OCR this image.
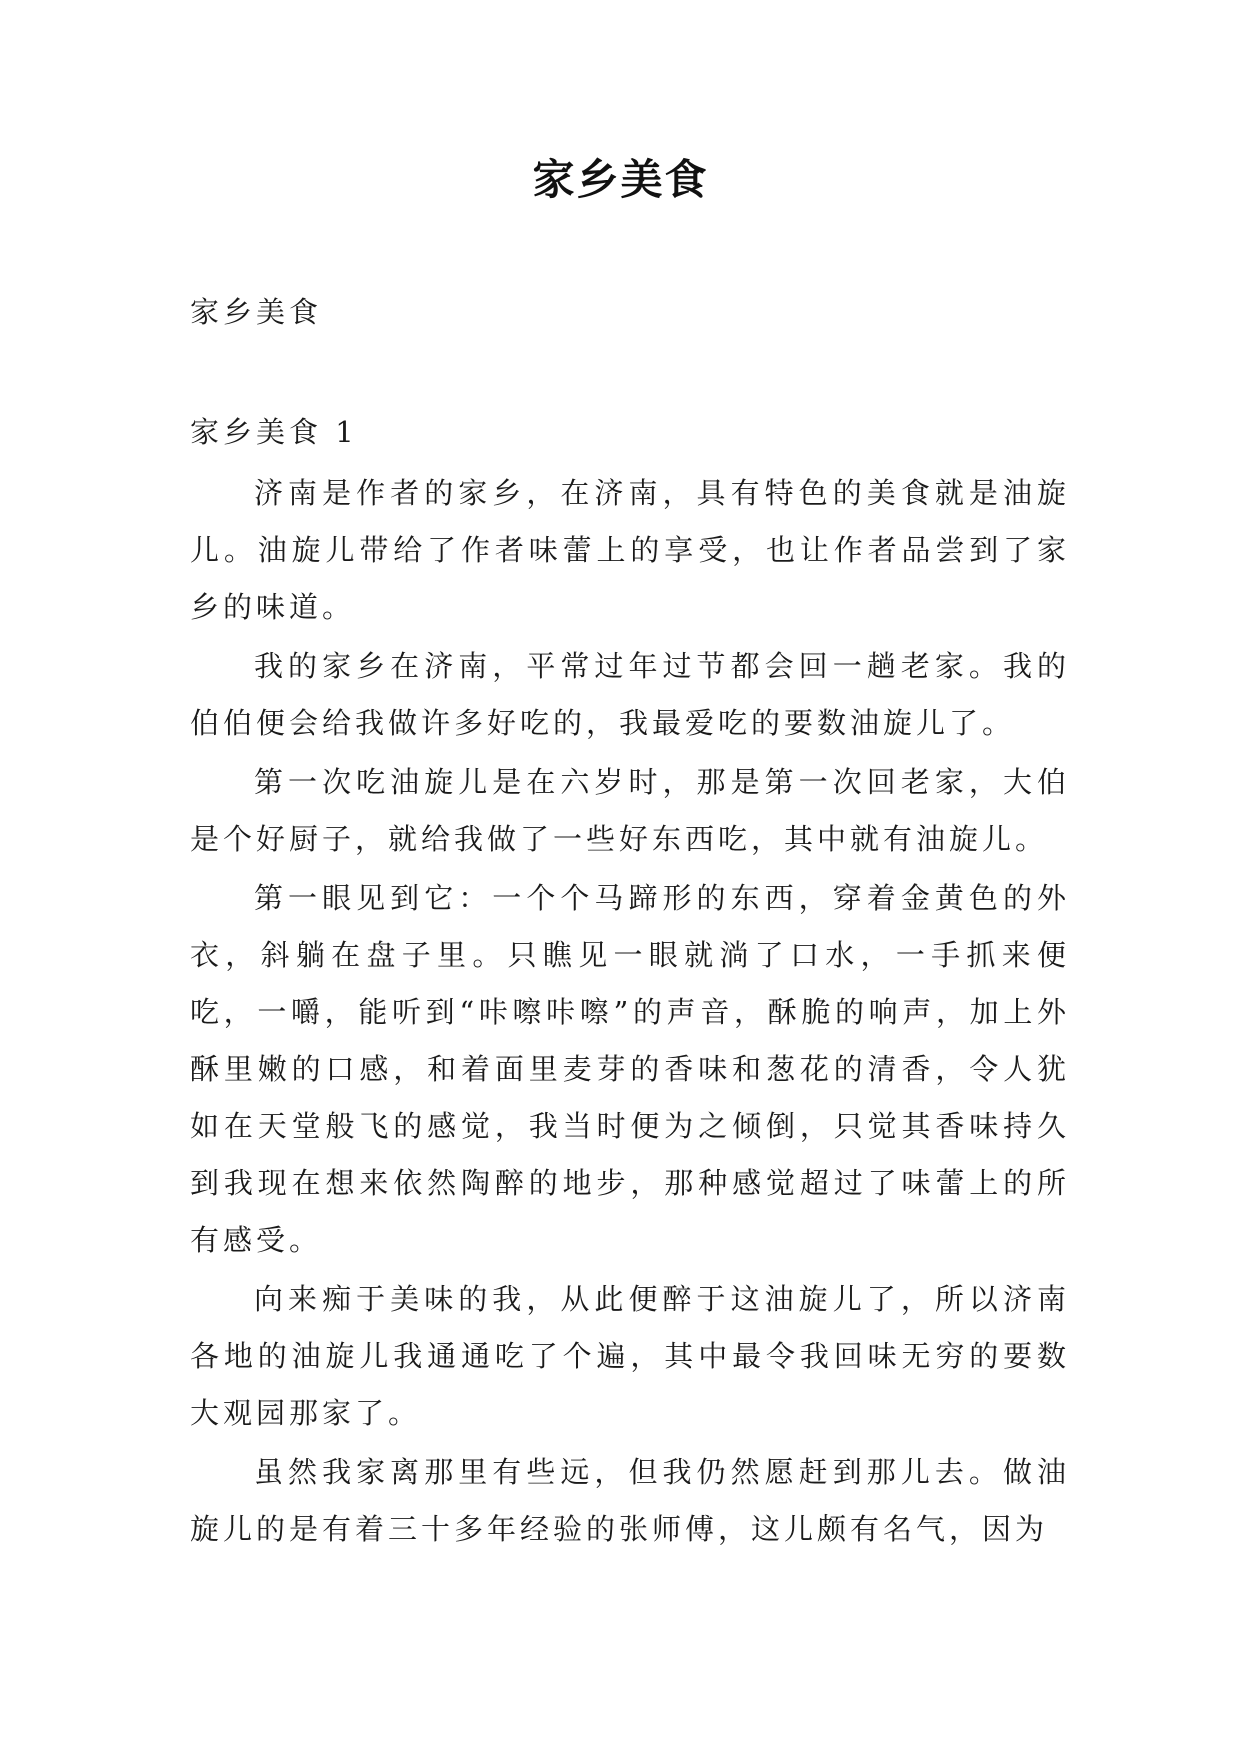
家乡美食
家乡美食
家乡美食 1

济南是作者的家乡，在济南，具有特色的美食就是油旋儿。油旋儿带给了作者味蕾上的享受，也让作者品尝到了家乡的味道。

我的家乡在济南，平常过年过节都会回一趟老家。我的伯伯便会给我做许多好吃的，我最爱吃的要数油旋儿了。

第一次吃油旋儿是在六岁时，那是第一次回老家，大伯是个好厨子，就给我做了一些好东西吃，其中就有油旋儿。

第一眼见到它：一个个马蹄形的东西，穿着金黄色的外衣，斜躺在盘子里。只瞧见一眼就淌了口水，一手抓来便吃，一嚼，能听到“咔嚓咔嚓”的声音，酥脆的响声，加上外酥里嫩的口感，和着面里麦芽的香味和葱花的清香，令人犹如在天堂般飞的感觉，我当时便为之倾倒，只觉其香味持久到我现在想来依然陶醉的地步，那种感觉超过了味蕾上的所有感受。

向来痴于美味的我，从此便醉于这油旋儿了，所以济南各地的油旋儿我通通吃了个遍，其中最令我回味无穷的要数大观园那家了。

虽然我家离那里有些远，但我仍然愿赶到那儿去。做油旋儿的是有着三十多年经验的张师傅，这儿颇有名气，因为
